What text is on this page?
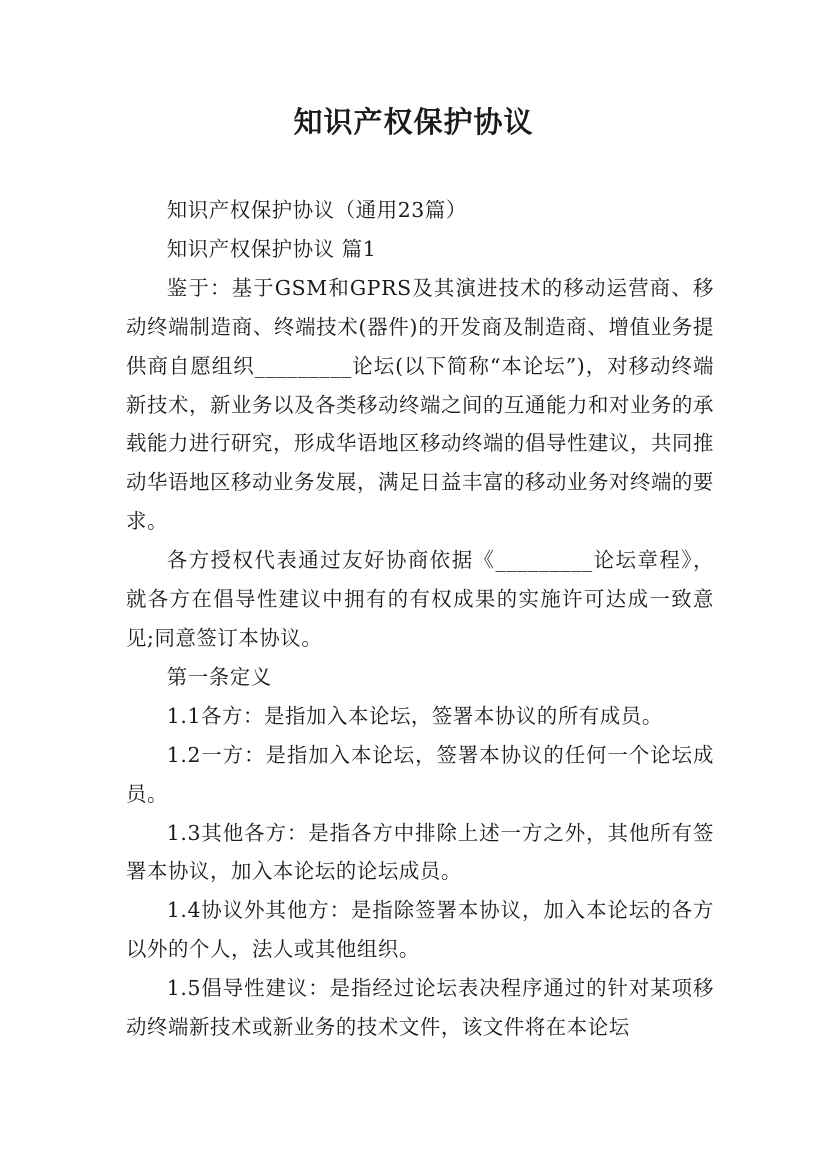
知识产权保护协议

知识产权保护协议（通用23篇）

知识产权保护协议 篇1

鉴于：基于GSM和GPRS及其演进技术的移动运营商、移动终端制造商、终端技术(器件)的开发商及制造商、增值业务提供商自愿组织_________论坛(以下简称“本论坛”)，对移动终端新技术，新业务以及各类移动终端之间的互通能力和对业务的承载能力进行研究，形成华语地区移动终端的倡导性建议，共同推动华语地区移动业务发展，满足日益丰富的移动业务对终端的要求。

各方授权代表通过友好协商依据《_________论坛章程》，就各方在倡导性建议中拥有的有权成果的实施许可达成一致意见;同意签订本协议。

第一条定义

1.1各方：是指加入本论坛，签署本协议的所有成员。

1.2一方：是指加入本论坛，签署本协议的任何一个论坛成员。

1.3其他各方：是指各方中排除上述一方之外，其他所有签署本协议，加入本论坛的论坛成员。

1.4协议外其他方：是指除签署本协议，加入本论坛的各方以外的个人，法人或其他组织。

1.5倡导性建议：是指经过论坛表决程序通过的针对某项移动终端新技术或新业务的技术文件，该文件将在本论坛
